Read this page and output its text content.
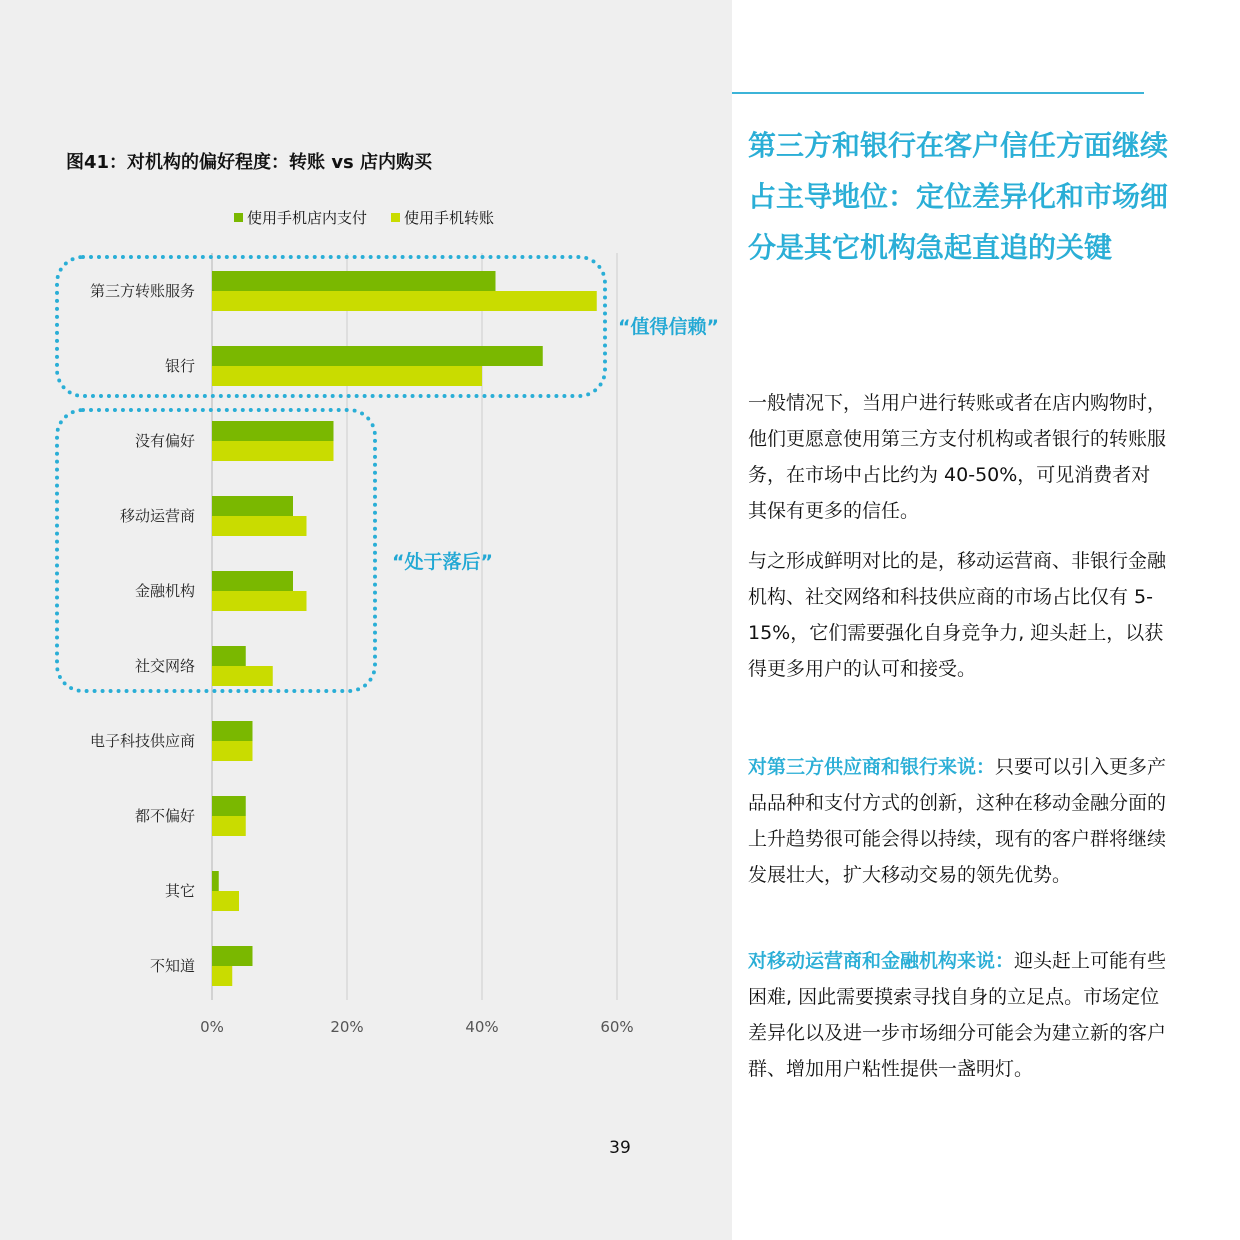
图41：对机构的偏好程度：转账 vs 店内购买
使用手机店内支付 使用手机转账
0%	20%	40%	60%
第三方转账服务
银行
没有偏好
移动运营商
金融机构
社交网络
电子科技供应商
都不偏好
其它
不知道
“值得信赖”
“处于落后”
39
第三方和银行在客户信任方面继续占主导地位：定位差异化和市场细分是其它机构急起直追的关键

一般情况下，当用户进行转账或者在店内购物时，他们更愿意使用第三方支付机构或者银行的转账服务，在市场中占比约为 40-50%，可见消费者对其保有更多的信任。

与之形成鲜明对比的是，移动运营商、非银行金融机构、社交网络和科技供应商的市场占比仅有 5-15%，它们需要强化自身竞争力, 迎头赶上，以获得更多用户的认可和接受。

对第三方供应商和银行来说：只要可以引入更多产品品种和支付方式的创新，这种在移动金融分面的上升趋势很可能会得以持续，现有的客户群将继续发展壮大，扩大移动交易的领先优势。

对移动运营商和金融机构来说：迎头赶上可能有些困难, 因此需要摸索寻找自身的立足点。市场定位差异化以及进一步市场细分可能会为建立新的客户群、增加用户粘性提供一盏明灯。
